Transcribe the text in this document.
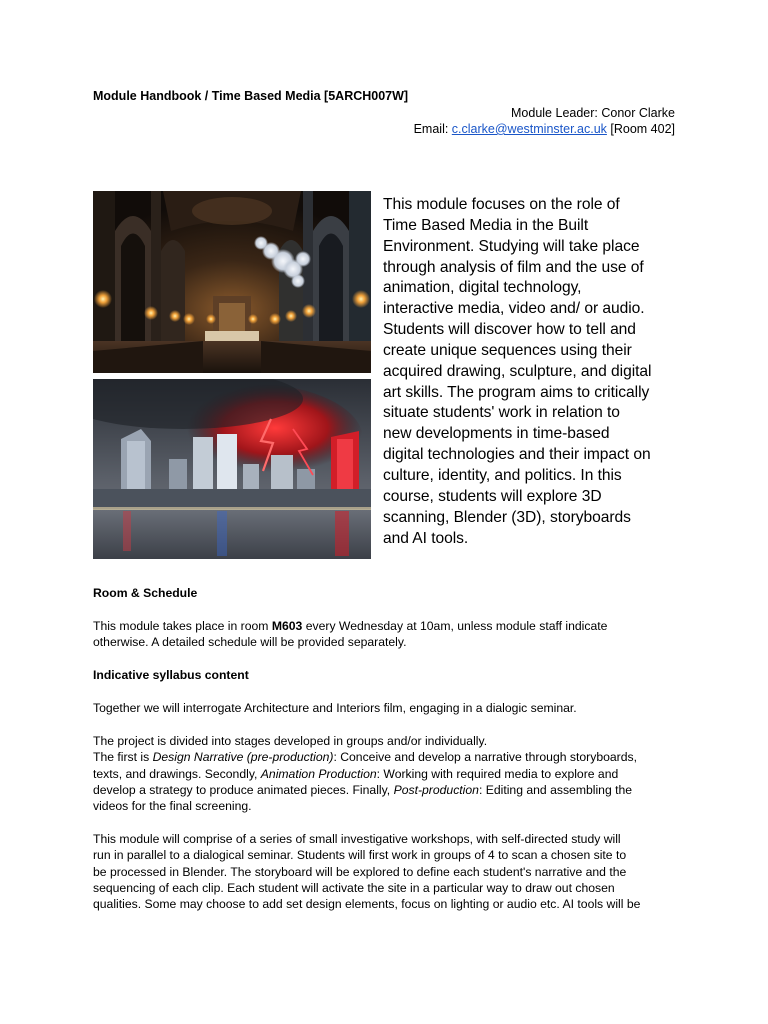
Module Handbook / Time Based Media [5ARCH007W]
Module Leader: Conor Clarke
Email: c.clarke@westminster.ac.uk [Room 402]
This module focuses on the role of
Time Based Media in the Built
Environment. Studying will take place
through analysis of film and the use of
animation, digital technology,
interactive media, video and/ or audio.
Students will discover how to tell and
create unique sequences using their
acquired drawing, sculpture, and digital
art skills. The program aims to critically
situate students' work in relation to
new developments in time-based
digital technologies and their impact on
culture, identity, and politics. In this
course, students will explore 3D
scanning, Blender (3D), storyboards
and AI tools.
Room & Schedule
This module takes place in room M603 every Wednesday at 10am, unless module staff indicate
otherwise. A detailed schedule will be provided separately.
Indicative syllabus content
Together we will interrogate Architecture and Interiors film, engaging in a dialogic seminar.
The project is divided into stages developed in groups and/or individually.
The first is Design Narrative (pre-production): Conceive and develop a narrative through storyboards,
texts, and drawings. Secondly, Animation Production: Working with required media to explore and
develop a strategy to produce animated pieces. Finally, Post-production: Editing and assembling the
videos for the final screening.
This module will comprise of a series of small investigative workshops, with self-directed study will
run in parallel to a dialogical seminar. Students will first work in groups of 4 to scan a chosen site to
be processed in Blender. The storyboard will be explored to define each student's narrative and the
sequencing of each clip. Each student will activate the site in a particular way to draw out chosen
qualities. Some may choose to add set design elements, focus on lighting or audio etc. AI tools will be
